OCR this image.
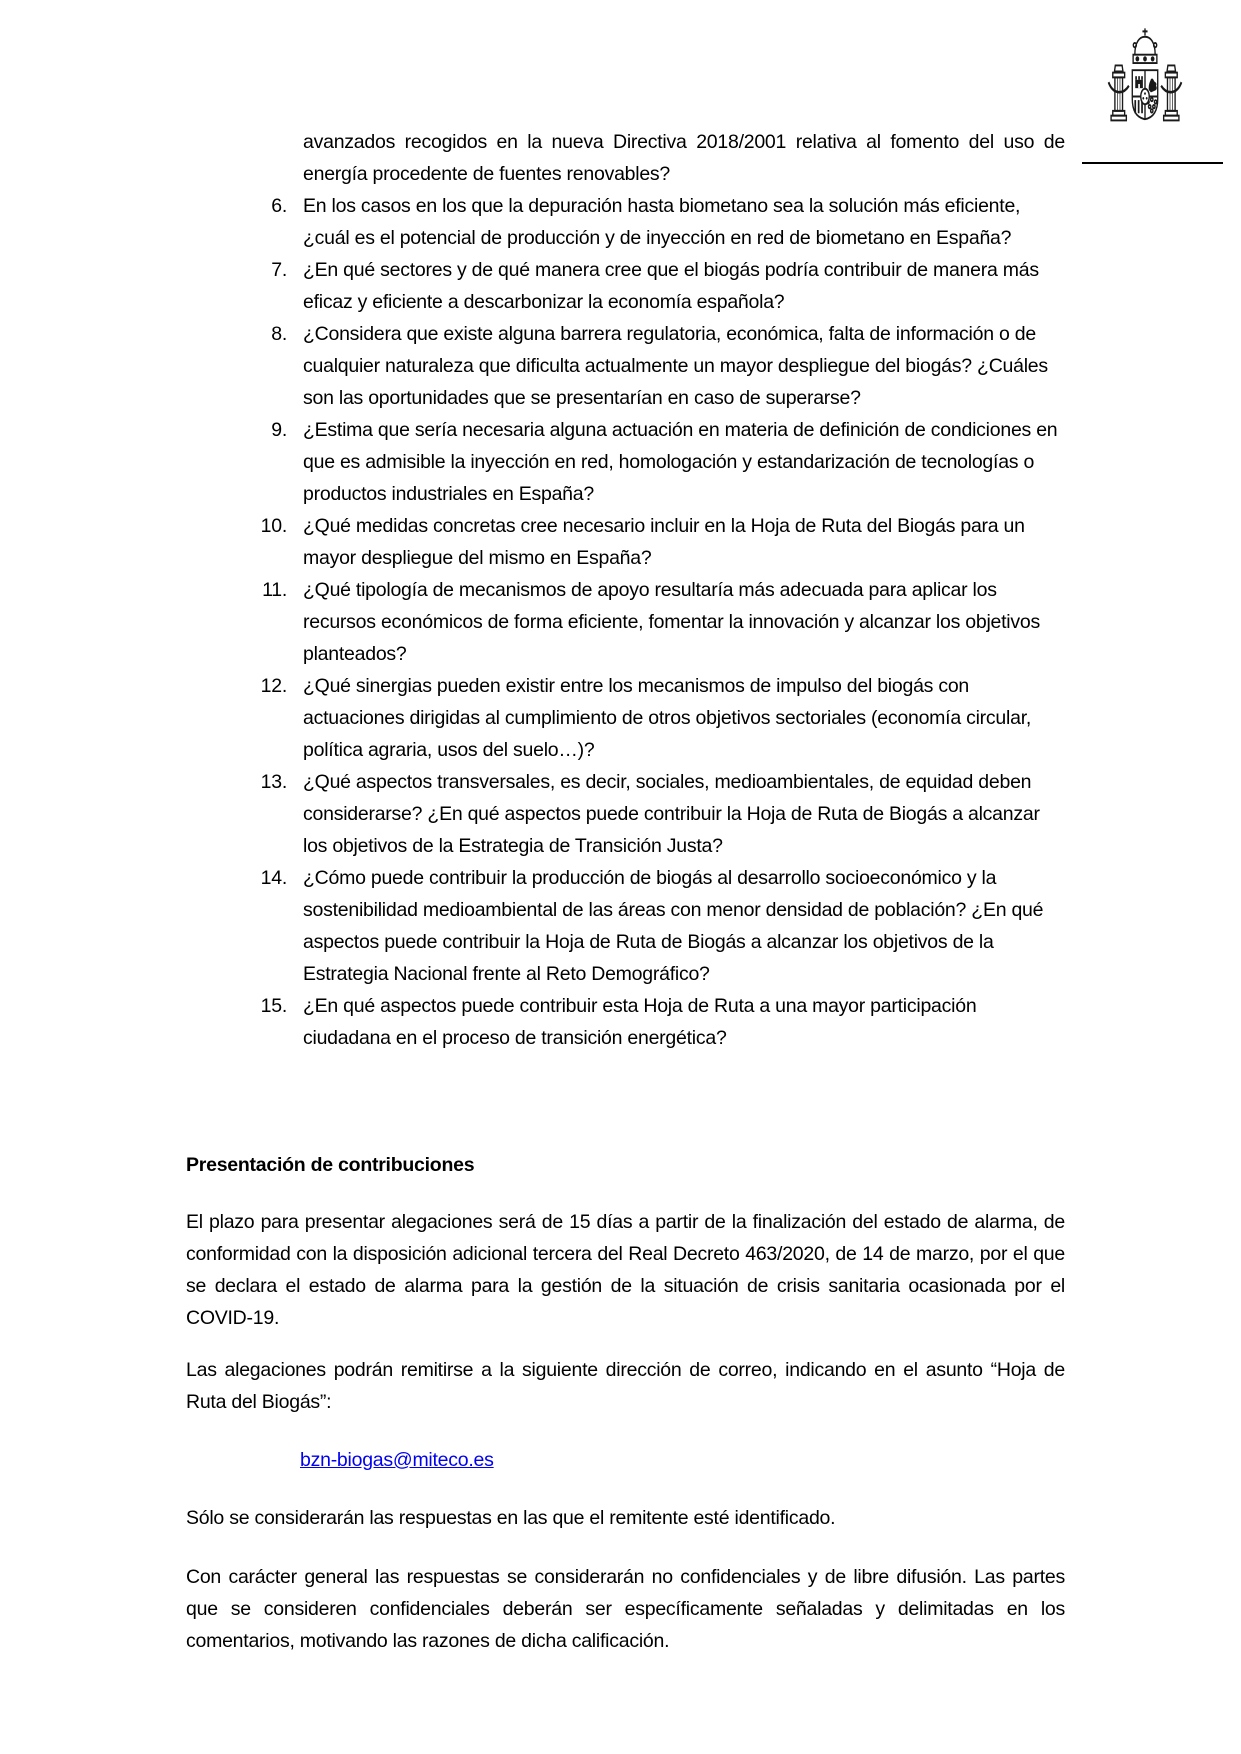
avanzados recogidos en la nueva Directiva 2018/2001 relativa al fomento del uso de energía procedente de fuentes renovables?

6. En los casos en los que la depuración hasta biometano sea la solución más eficiente, ¿cuál es el potencial de producción y de inyección en red de biometano en España?
7. ¿En qué sectores y de qué manera cree que el biogás podría contribuir de manera más eficaz y eficiente a descarbonizar la economía española?
8. ¿Considera que existe alguna barrera regulatoria, económica, falta de información o de cualquier naturaleza que dificulta actualmente un mayor despliegue del biogás? ¿Cuáles son las oportunidades que se presentarían en caso de superarse?
9. ¿Estima que sería necesaria alguna actuación en materia de definición de condiciones en que es admisible la inyección en red, homologación y estandarización de tecnologías o productos industriales en España?
10. ¿Qué medidas concretas cree necesario incluir en la Hoja de Ruta del Biogás para un mayor despliegue del mismo en España?
11. ¿Qué tipología de mecanismos de apoyo resultaría más adecuada para aplicar los recursos económicos de forma eficiente, fomentar la innovación y alcanzar los objetivos planteados?
12. ¿Qué sinergias pueden existir entre los mecanismos de impulso del biogás con actuaciones dirigidas al cumplimiento de otros objetivos sectoriales (economía circular, política agraria, usos del suelo…)?
13. ¿Qué aspectos transversales, es decir, sociales, medioambientales, de equidad deben considerarse? ¿En qué aspectos puede contribuir la Hoja de Ruta de Biogás a alcanzar los objetivos de la Estrategia de Transición Justa?
14. ¿Cómo puede contribuir la producción de biogás al desarrollo socioeconómico y la sostenibilidad medioambiental de las áreas con menor densidad de población? ¿En qué aspectos puede contribuir la Hoja de Ruta de Biogás a alcanzar los objetivos de la Estrategia Nacional frente al Reto Demográfico?
15. ¿En qué aspectos puede contribuir esta Hoja de Ruta a una mayor participación ciudadana en el proceso de transición energética?
Presentación de contribuciones

El plazo para presentar alegaciones será de 15 días a partir de la finalización del estado de alarma, de conformidad con la disposición adicional tercera del Real Decreto 463/2020, de 14 de marzo, por el que se declara el estado de alarma para la gestión de la situación de crisis sanitaria ocasionada por el COVID-19.

Las alegaciones podrán remitirse a la siguiente dirección de correo, indicando en el asunto “Hoja de Ruta del Biogás”:

bzn-biogas@miteco.es

Sólo se considerarán las respuestas en las que el remitente esté identificado.

Con carácter general las respuestas se considerarán no confidenciales y de libre difusión. Las partes que se consideren confidenciales deberán ser específicamente señaladas y delimitadas en los comentarios, motivando las razones de dicha calificación.
